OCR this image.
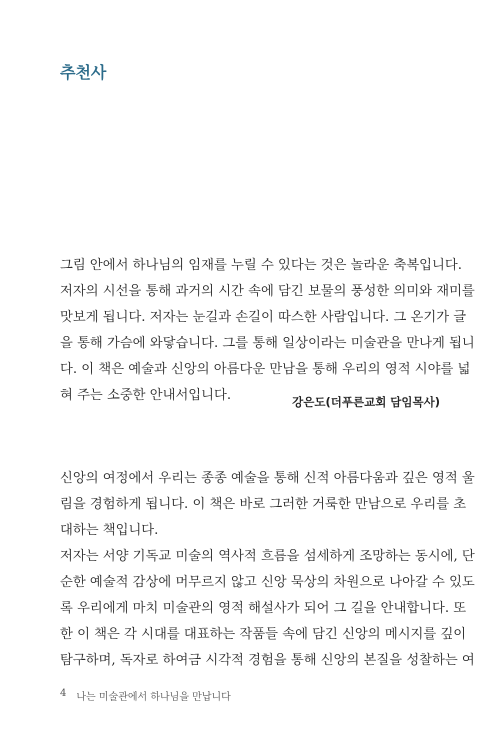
추천사

그림 안에서 하나님의 임재를 누릴 수 있다는 것은 놀라운 축복입니다.
저자의 시선을 통해 과거의 시간 속에 담긴 보물의 풍성한 의미와 재미를
맛보게 됩니다. 저자는 눈길과 손길이 따스한 사람입니다. 그 온기가 글
을 통해 가슴에 와닿습니다. 그를 통해 일상이라는 미술관을 만나게 됩니
다. 이 책은 예술과 신앙의 아름다운 만남을 통해 우리의 영적 시야를 넓
혀 주는 소중한 안내서입니다.	강은도(더푸른교회 담임목사)

신앙의 여정에서 우리는 종종 예술을 통해 신적 아름다움과 깊은 영적 울
림을 경험하게 됩니다. 이 책은 바로 그러한 거룩한 만남으로 우리를 초
대하는 책입니다.
저자는 서양 기독교 미술의 역사적 흐름을 섬세하게 조망하는 동시에, 단
순한 예술적 감상에 머무르지 않고 신앙 묵상의 차원으로 나아갈 수 있도
록 우리에게 마치 미술관의 영적 해설사가 되어 그 길을 안내합니다. 또
한 이 책은 각 시대를 대표하는 작품들 속에 담긴 신앙의 메시지를 깊이
탐구하며, 독자로 하여금 시각적 경험을 통해 신앙의 본질을 성찰하는 여

4 나는 미술관에서 하나님을 만납니다
